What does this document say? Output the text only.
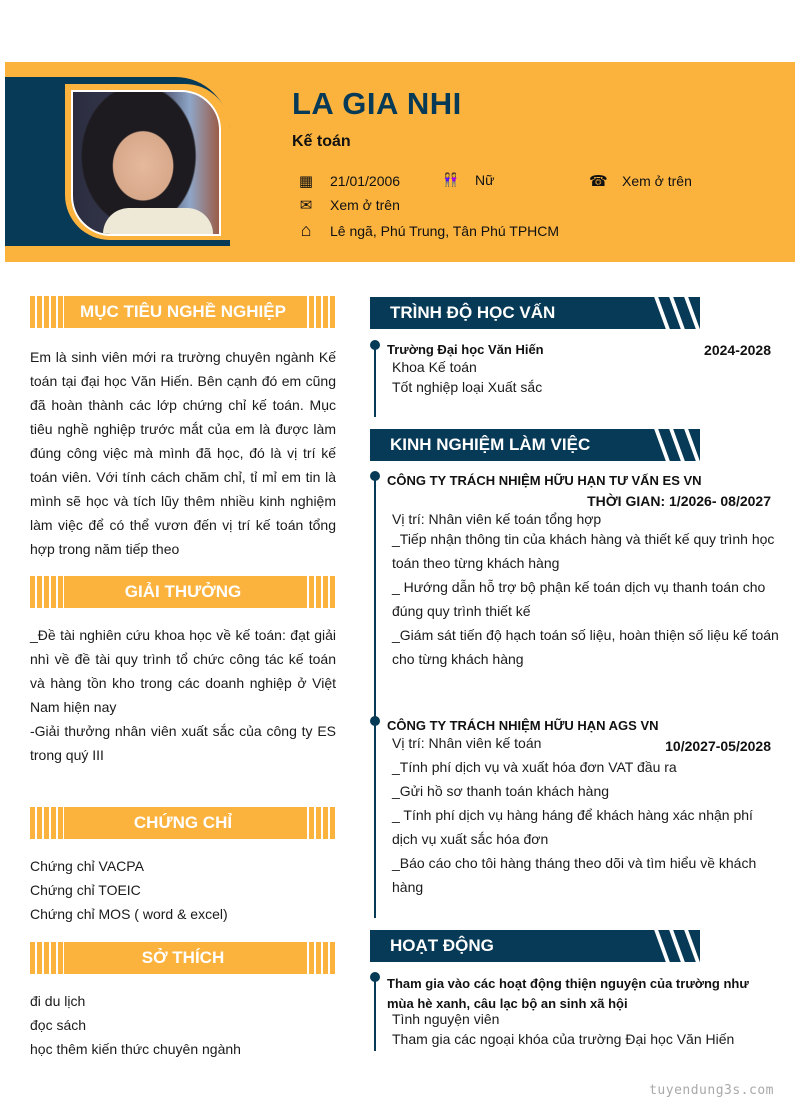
LA GIA NHI
Kế toán
▦ 21/01/2006	👭 Nữ	☎ Xem ở trên
✉ Xem ở trên
⌂ Lê ngã, Phú Trung, Tân Phú TPHCM
MỤC TIÊU NGHỀ NGHIỆP
Em là sinh viên mới ra trường chuyên ngành Kế toán tại đại học Văn Hiến. Bên cạnh đó em cũng đã hoàn thành các lớp chứng chỉ kế toán. Mục tiêu nghề nghiệp trước mắt của em là được làm đúng công việc mà mình đã học, đó là vị trí kế toán viên. Với tính cách chăm chỉ, tỉ mỉ em tin là mình sẽ học và tích lũy thêm nhiều kinh nghiệm làm việc để có thể vươn đến vị trí kế toán tổng hợp trong năm tiếp theo
GIẢI THƯỞNG
_Đề tài nghiên cứu khoa học về kế toán: đạt giải nhì về đề tài quy trình tổ chức công tác kế toán và hàng tồn kho trong các doanh nghiệp ở Việt Nam hiện nay
-Giải thưởng nhân viên xuất sắc của công ty ES trong quý III
CHỨNG CHỈ
Chứng chỉ VACPA
Chứng chỉ TOEIC
Chứng chỉ MOS ( word & excel)
SỞ THÍCH
đi du lịch
đọc sách
học thêm kiến thức chuyên ngành
TRÌNH ĐỘ HỌC VẤN
Trường Đại học Văn Hiến	2024-2028
Khoa Kế toán
Tốt nghiệp loại Xuất sắc
KINH NGHIỆM LÀM VIỆC
CÔNG TY TRÁCH NHIỆM HỮU HẠN TƯ VẤN ES VN
THỜI GIAN: 1/2026- 08/2027
Vị trí: Nhân viên kế toán tổng hợp
_Tiếp nhận thông tin của khách hàng và thiết kế quy trình học toán theo từng khách hàng
_ Hướng dẫn hỗ trợ bộ phận kế toán dịch vụ thanh toán cho đúng quy trình thiết kế
_Giám sát tiến độ hạch toán số liệu, hoàn thiện số liệu kế toán cho từng khách hàng
CÔNG TY TRÁCH NHIỆM HỮU HẠN AGS VN
10/2027-05/2028
Vị trí: Nhân viên kế toán
_Tính phí dịch vụ và xuất hóa đơn VAT đầu ra
_Gửi hồ sơ thanh toán khách hàng
_ Tính phí dịch vụ hàng háng để khách hàng xác nhận phí dịch vụ xuất sắc hóa đơn
_Báo cáo cho tôi hàng tháng theo dõi và tìm hiểu về khách hàng
HOẠT ĐỘNG
Tham gia vào các hoạt động thiện nguyện của trường như mùa hè xanh, câu lạc bộ an sinh xã hội
Tình nguyện viên
Tham gia các ngoại khóa của trường Đại học Văn Hiến
tuyendung3s.com
